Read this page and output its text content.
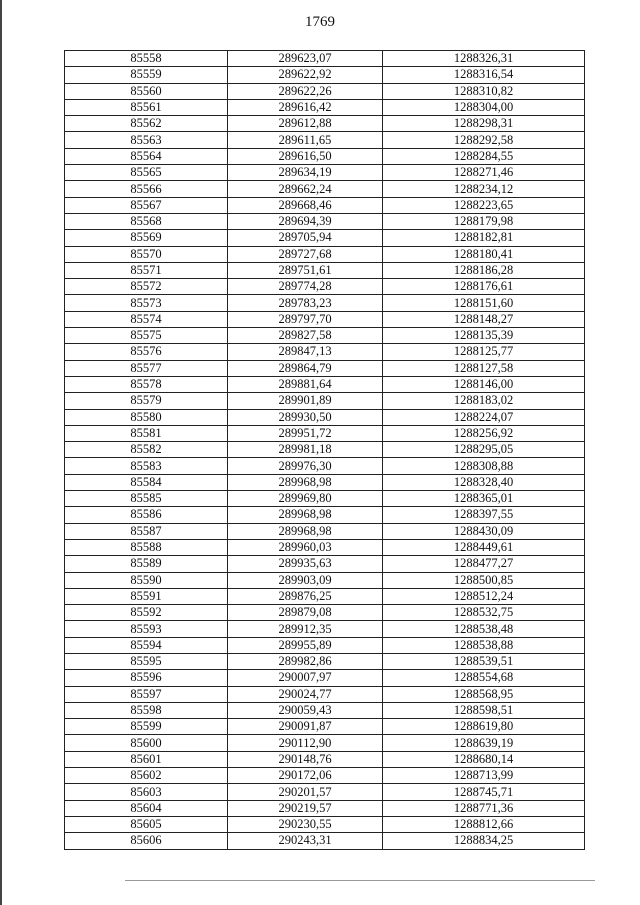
1769
85558	289623,07	1288326,31
85559	289622,92	1288316,54
85560	289622,26	1288310,82
85561	289616,42	1288304,00
85562	289612,88	1288298,31
85563	289611,65	1288292,58
85564	289616,50	1288284,55
85565	289634,19	1288271,46
85566	289662,24	1288234,12
85567	289668,46	1288223,65
85568	289694,39	1288179,98
85569	289705,94	1288182,81
85570	289727,68	1288180,41
85571	289751,61	1288186,28
85572	289774,28	1288176,61
85573	289783,23	1288151,60
85574	289797,70	1288148,27
85575	289827,58	1288135,39
85576	289847,13	1288125,77
85577	289864,79	1288127,58
85578	289881,64	1288146,00
85579	289901,89	1288183,02
85580	289930,50	1288224,07
85581	289951,72	1288256,92
85582	289981,18	1288295,05
85583	289976,30	1288308,88
85584	289968,98	1288328,40
85585	289969,80	1288365,01
85586	289968,98	1288397,55
85587	289968,98	1288430,09
85588	289960,03	1288449,61
85589	289935,63	1288477,27
85590	289903,09	1288500,85
85591	289876,25	1288512,24
85592	289879,08	1288532,75
85593	289912,35	1288538,48
85594	289955,89	1288538,88
85595	289982,86	1288539,51
85596	290007,97	1288554,68
85597	290024,77	1288568,95
85598	290059,43	1288598,51
85599	290091,87	1288619,80
85600	290112,90	1288639,19
85601	290148,76	1288680,14
85602	290172,06	1288713,99
85603	290201,57	1288745,71
85604	290219,57	1288771,36
85605	290230,55	1288812,66
85606	290243,31	1288834,25
